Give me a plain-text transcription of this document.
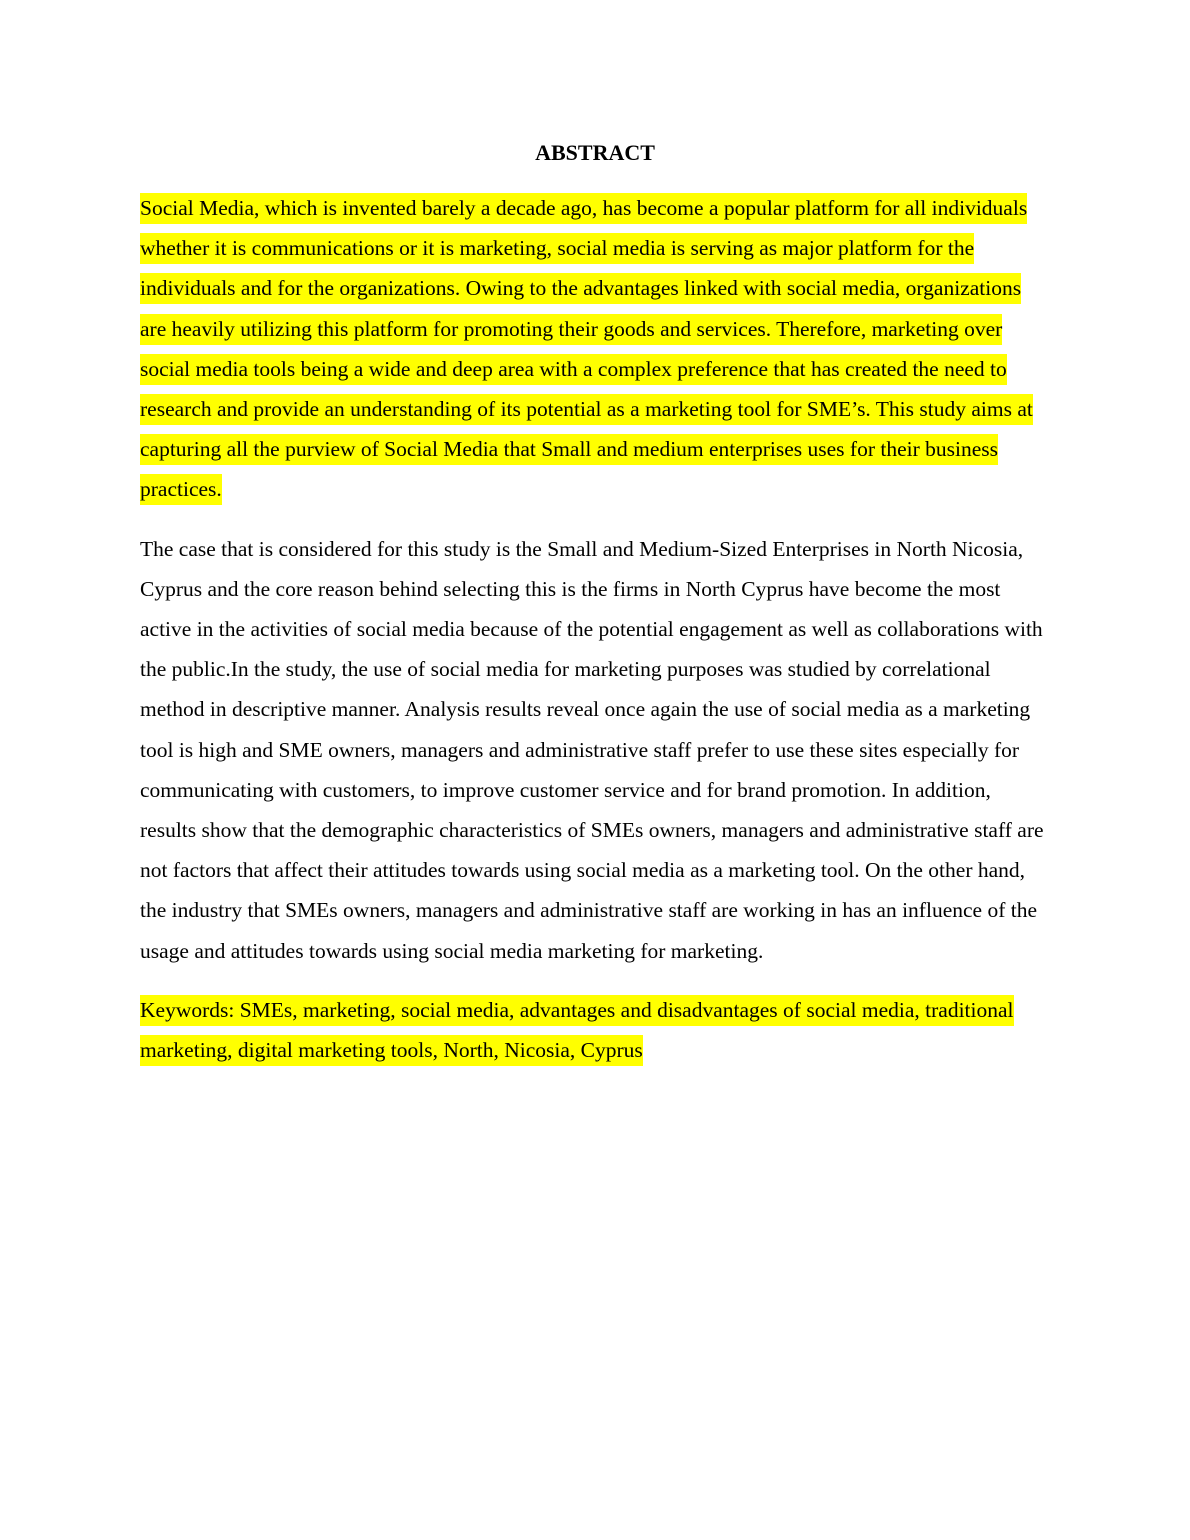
ABSTRACT

Social Media, which is invented barely a decade ago, has become a popular platform for all individuals whether it is communications or it is marketing, social media is serving as major platform for the individuals and for the organizations. Owing to the advantages linked with social media, organizations are heavily utilizing this platform for promoting their goods and services. Therefore, marketing over social media tools being a wide and deep area with a complex preference that has created the need to research and provide an understanding of its potential as a marketing tool for SME’s. This study aims at capturing all the purview of Social Media that Small and medium enterprises uses for their business practices.

The case that is considered for this study is the Small and Medium-Sized Enterprises in North Nicosia, Cyprus and the core reason behind selecting this is the firms in North Cyprus have become the most active in the activities of social media because of the potential engagement as well as collaborations with the public.In the study, the use of social media for marketing purposes was studied by correlational method in descriptive manner. Analysis results reveal once again the use of social media as a marketing tool is high and SME owners, managers and administrative staff prefer to use these sites especially for communicating with customers, to improve customer service and for brand promotion. In addition, results show that the demographic characteristics of SMEs owners, managers and administrative staff are not factors that affect their attitudes towards using social media as a marketing tool. On the other hand, the industry that SMEs owners, managers and administrative staff are working in has an influence of the usage and attitudes towards using social media marketing for marketing.

Keywords: SMEs, marketing, social media, advantages and disadvantages of social media, traditional marketing, digital marketing tools, North, Nicosia, Cyprus
